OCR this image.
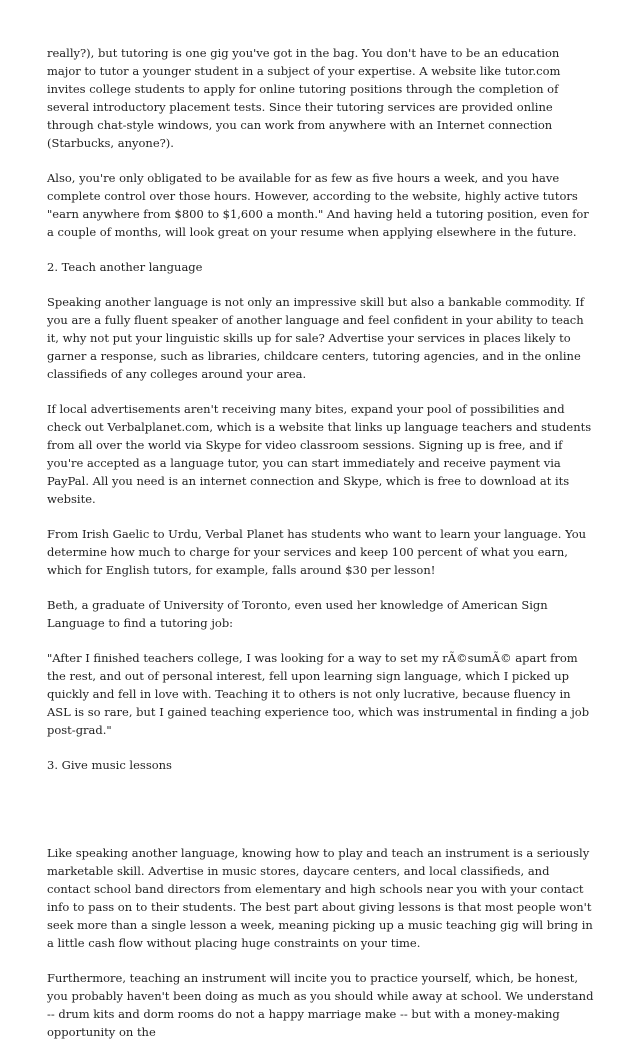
really?), but tutoring is one gig you've got in the bag. You don't have to be an education major to tutor a younger student in a subject of your expertise. A website like tutor.com invites college students to apply for online tutoring positions through the completion of several introductory placement tests. Since their tutoring services are provided online through chat-style windows, you can work from anywhere with an Internet connection (Starbucks, anyone?).

Also, you're only obligated to be available for as few as five hours a week, and you have complete control over those hours. However, according to the website, highly active tutors "earn anywhere from $800 to $1,600 a month." And having held a tutoring position, even for a couple of months, will look great on your resume when applying elsewhere in the future.

2. Teach another language

Speaking another language is not only an impressive skill but also a bankable commodity. If you are a fully fluent speaker of another language and feel confident in your ability to teach it, why not put your linguistic skills up for sale? Advertise your services in places likely to garner a response, such as libraries, childcare centers, tutoring agencies, and in the online classifieds of any colleges around your area.

If local advertisements aren't receiving many bites, expand your pool of possibilities and check out Verbalplanet.com, which is a website that links up language teachers and students from all over the world via Skype for video classroom sessions. Signing up is free, and if you're accepted as a language tutor, you can start immediately and receive payment via PayPal. All you need is an internet connection and Skype, which is free to download at its website.

From Irish Gaelic to Urdu, Verbal Planet has students who want to learn your language. You determine how much to charge for your services and keep 100 percent of what you earn, which for English tutors, for example, falls around $30 per lesson!

Beth, a graduate of University of Toronto, even used her knowledge of American Sign Language to find a tutoring job:

"After I finished teachers college, I was looking for a way to set my rÃ©sumÃ© apart from the rest, and out of personal interest, fell upon learning sign language, which I picked up quickly and fell in love with. Teaching it to others is not only lucrative, because fluency in ASL is so rare, but I gained teaching experience too, which was instrumental in finding a job post-grad."

3. Give music lessons

Like speaking another language, knowing how to play and teach an instrument is a seriously marketable skill. Advertise in music stores, daycare centers, and local classifieds, and contact school band directors from elementary and high schools near you with your contact info to pass on to their students. The best part about giving lessons is that most people won't seek more than a single lesson a week, meaning picking up a music teaching gig will bring in a little cash flow without placing huge constraints on your time.

Furthermore, teaching an instrument will incite you to practice yourself, which, be honest, you probably haven't been doing as much as you should while away at school. We understand -- drum kits and dorm rooms do not a happy marriage make -- but with a money-making opportunity on the
